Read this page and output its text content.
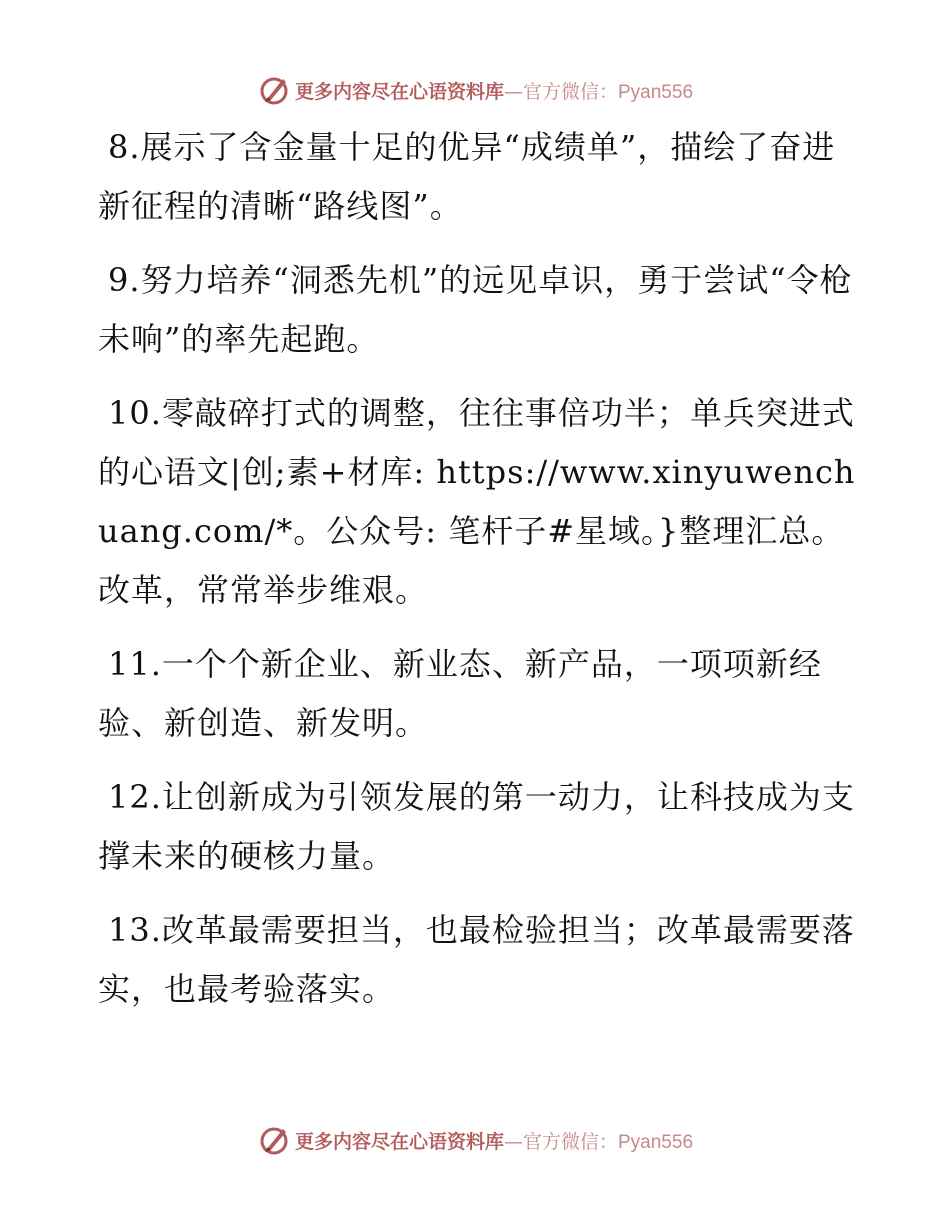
更多内容尽在心语资料库—官方微信：Pyan556

8.展示了含金量十足的优异“成绩单”，描绘了奋进新征程的清晰“路线图”。

9.努力培养“洞悉先机”的远见卓识，勇于尝试“令枪未响”的率先起跑。

10.零敲碎打式的调整，往往事倍功半；单兵突进式的心语文|创;素+材库: https://www.xinyuwenchuang.com/*。公众号: 笔杆子#星域。}整理汇总。改革，常常举步维艰。

11.一个个新企业、新业态、新产品，一项项新经验、新创造、新发明。

12.让创新成为引领发展的第一动力，让科技成为支撑未来的硬核力量。

13.改革最需要担当，也最检验担当；改革最需要落实，也最考验落实。

更多内容尽在心语资料库—官方微信：Pyan556
